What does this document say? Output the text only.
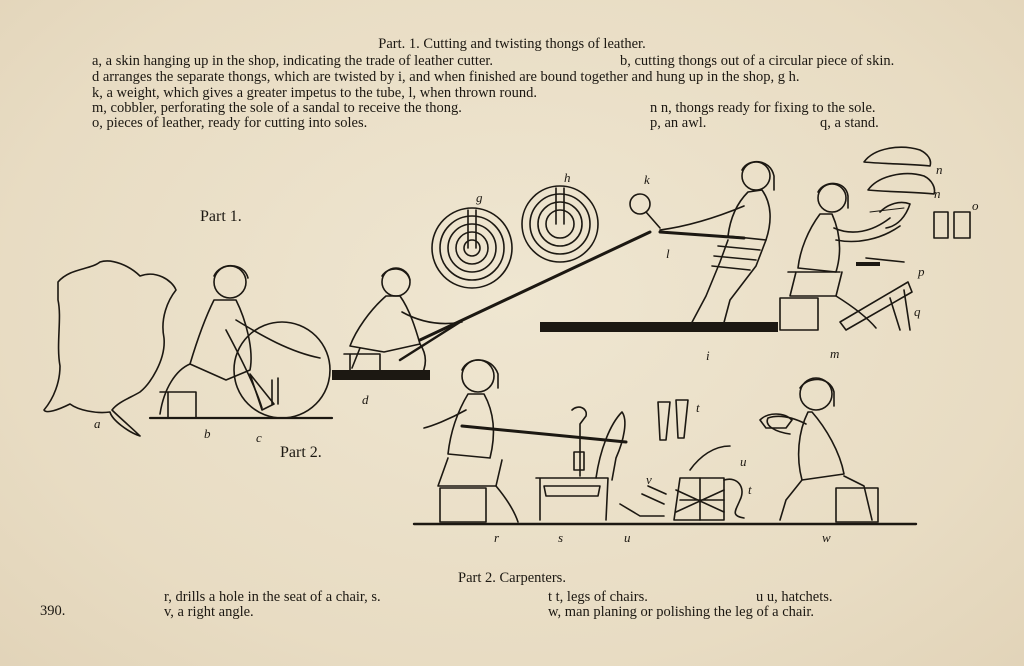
Part. 1. Cutting and twisting thongs of leather.
a, a skin hanging up in the shop, indicating the trade of leather cutter.	b, cutting thongs out of a circular piece of skin.
d arranges the separate thongs, which are twisted by i, and when finished are bound together and hung up in the shop, g h.
k, a weight, which gives a greater impetus to the tube, l, when thrown round.
m, cobbler, perforating the sole of a sandal to receive the thong.	n n, thongs ready for fixing to the sole.
o, pieces of leather, ready for cutting into soles.	p, an awl.	q, a stand.
Part 1.
Part 2.
a
b	c
d
g
h	k
l
i	m
n
n
o
p
q
t
t
u
v
r	s	u	w
Part 2. Carpenters.
390.
r, drills a hole in the seat of a chair, s.	t t, legs of chairs.	u u, hatchets.
v, a right angle.	w, man planing or polishing the leg of a chair.
